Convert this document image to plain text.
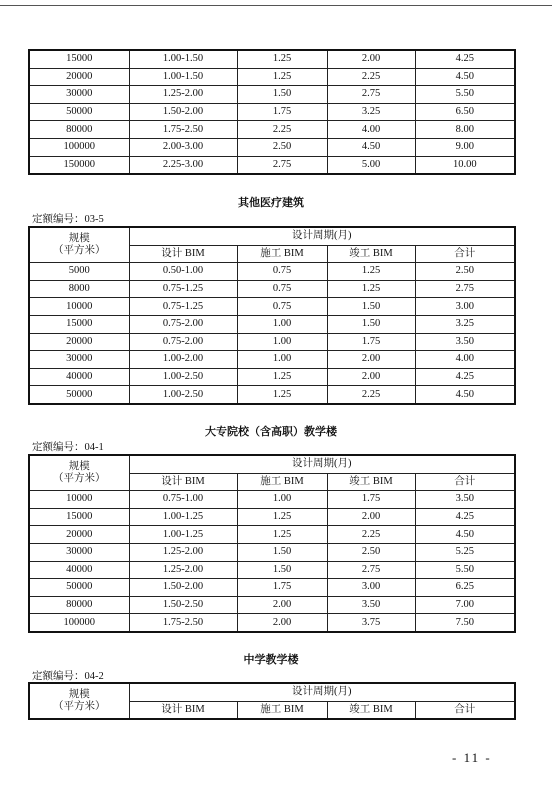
15000	1.00-1.50	1.25	2.00	4.25
20000	1.00-1.50	1.25	2.25	4.50
30000	1.25-2.00	1.50	2.75	5.50
50000	1.50-2.00	1.75	3.25	6.50
80000	1.75-2.50	2.25	4.00	8.00
100000	2.00-3.00	2.50	4.50	9.00
150000	2.25-3.00	2.75	5.00	10.00
其他医疗建筑
定额编号：03-5
规模
（平方米）	设计周期(月)			
	设计 BIM	施工 BIM	竣工 BIM	合计
5000	0.50-1.00	0.75	1.25	2.50
8000	0.75-1.25	0.75	1.25	2.75
10000	0.75-1.25	0.75	1.50	3.00
15000	0.75-2.00	1.00	1.50	3.25
20000	0.75-2.00	1.00	1.75	3.50
30000	1.00-2.00	1.00	2.00	4.00
40000	1.00-2.50	1.25	2.00	4.25
50000	1.00-2.50	1.25	2.25	4.50
大专院校（含高职）教学楼
定额编号：04-1
规模
（平方米）	设计周期(月)			
	设计 BIM	施工 BIM	竣工 BIM	合计
10000	0.75-1.00	1.00	1.75	3.50
15000	1.00-1.25	1.25	2.00	4.25
20000	1.00-1.25	1.25	2.25	4.50
30000	1.25-2.00	1.50	2.50	5.25
40000	1.25-2.00	1.50	2.75	5.50
50000	1.50-2.00	1.75	3.00	6.25
80000	1.50-2.50	2.00	3.50	7.00
100000	1.75-2.50	2.00	3.75	7.50
中学教学楼
定额编号：04-2
规模
（平方米）	设计周期(月)			
	设计 BIM	施工 BIM	竣工 BIM	合计
- 11 -
